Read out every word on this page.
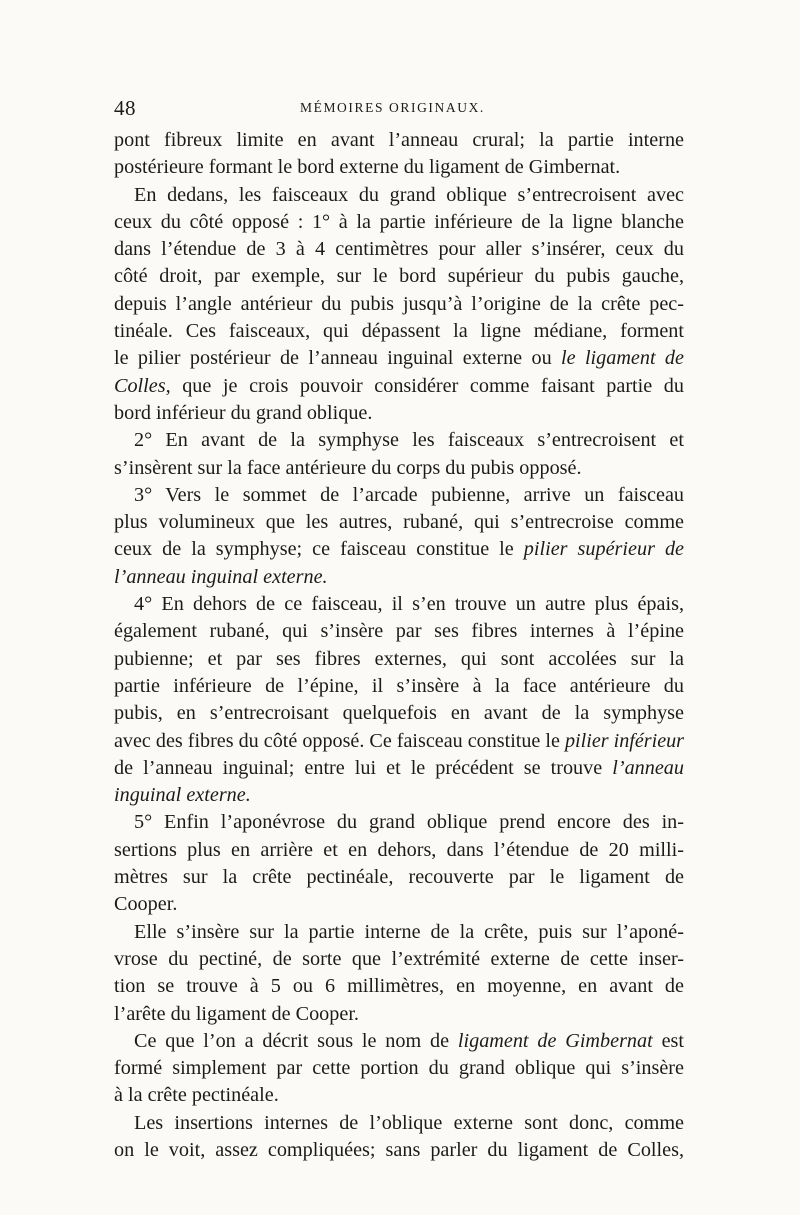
48	MÉMOIRES ORIGINAUX.
pont fibreux limite en avant l’anneau crural; la partie interne
postérieure formant le bord externe du ligament de Gimbernat.
En dedans, les faisceaux du grand oblique s’entrecroisent avec
ceux du côté opposé : 1° à la partie inférieure de la ligne blanche
dans l’étendue de 3 à 4 centimètres pour aller s’insérer, ceux du
côté droit, par exemple, sur le bord supérieur du pubis gauche,
depuis l’angle antérieur du pubis jusqu’à l’origine de la crête pec-
tinéale. Ces faisceaux, qui dépassent la ligne médiane, forment
le pilier postérieur de l’anneau inguinal externe ou le ligament de
Colles, que je crois pouvoir considérer comme faisant partie du
bord inférieur du grand oblique.
2° En avant de la symphyse les faisceaux s’entrecroisent et
s’insèrent sur la face antérieure du corps du pubis opposé.
3° Vers le sommet de l’arcade pubienne, arrive un faisceau
plus volumineux que les autres, rubané, qui s’entrecroise comme
ceux de la symphyse; ce faisceau constitue le pilier supérieur de
l’anneau inguinal externe.
4° En dehors de ce faisceau, il s’en trouve un autre plus épais,
également rubané, qui s’insère par ses fibres internes à l’épine
pubienne; et par ses fibres externes, qui sont accolées sur la
partie inférieure de l’épine, il s’insère à la face antérieure du
pubis, en s’entrecroisant quelquefois en avant de la symphyse
avec des fibres du côté opposé. Ce faisceau constitue le pilier inférieur
de l’anneau inguinal; entre lui et le précédent se trouve l’anneau
inguinal externe.
5° Enfin l’aponévrose du grand oblique prend encore des in-
sertions plus en arrière et en dehors, dans l’étendue de 20 milli-
mètres sur la crête pectinéale, recouverte par le ligament de
Cooper.
Elle s’insère sur la partie interne de la crête, puis sur l’aponé-
vrose du pectiné, de sorte que l’extrémité externe de cette inser-
tion se trouve à 5 ou 6 millimètres, en moyenne, en avant de
l’arête du ligament de Cooper.
Ce que l’on a décrit sous le nom de ligament de Gimbernat est
formé simplement par cette portion du grand oblique qui s’insère
à la crête pectinéale.
Les insertions internes de l’oblique externe sont donc, comme
on le voit, assez compliquées; sans parler du ligament de Colles,
